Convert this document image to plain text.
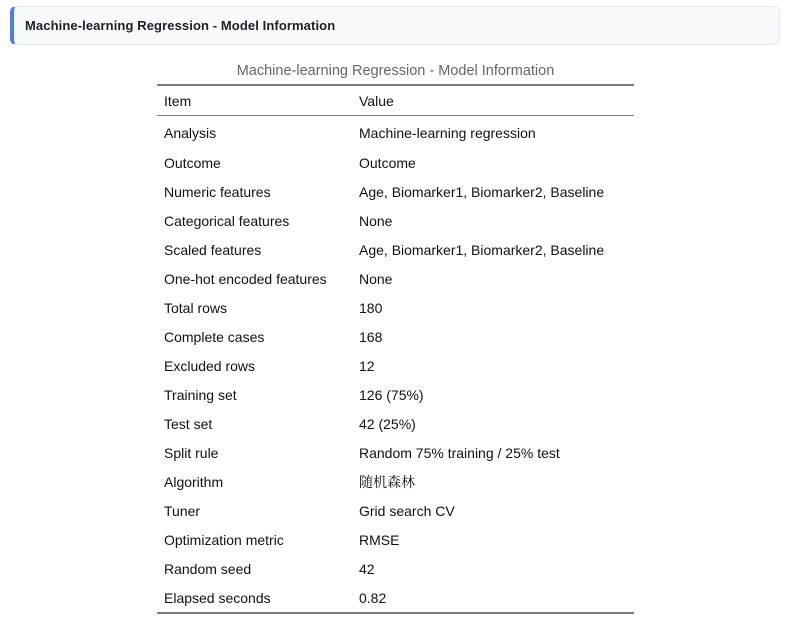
Machine-learning Regression - Model Information
Machine-learning Regression - Model Information
Item	Value
Analysis	Machine-learning regression
Outcome	Outcome
Numeric features	Age, Biomarker1, Biomarker2, Baseline
Categorical features	None
Scaled features	Age, Biomarker1, Biomarker2, Baseline
One-hot encoded features	None
Total rows	180
Complete cases	168
Excluded rows	12
Training set	126 (75%)
Test set	42 (25%)
Split rule	Random 75% training / 25% test
Algorithm	随机森林
Tuner	Grid search CV
Optimization metric	RMSE
Random seed	42
Elapsed seconds	0.82
